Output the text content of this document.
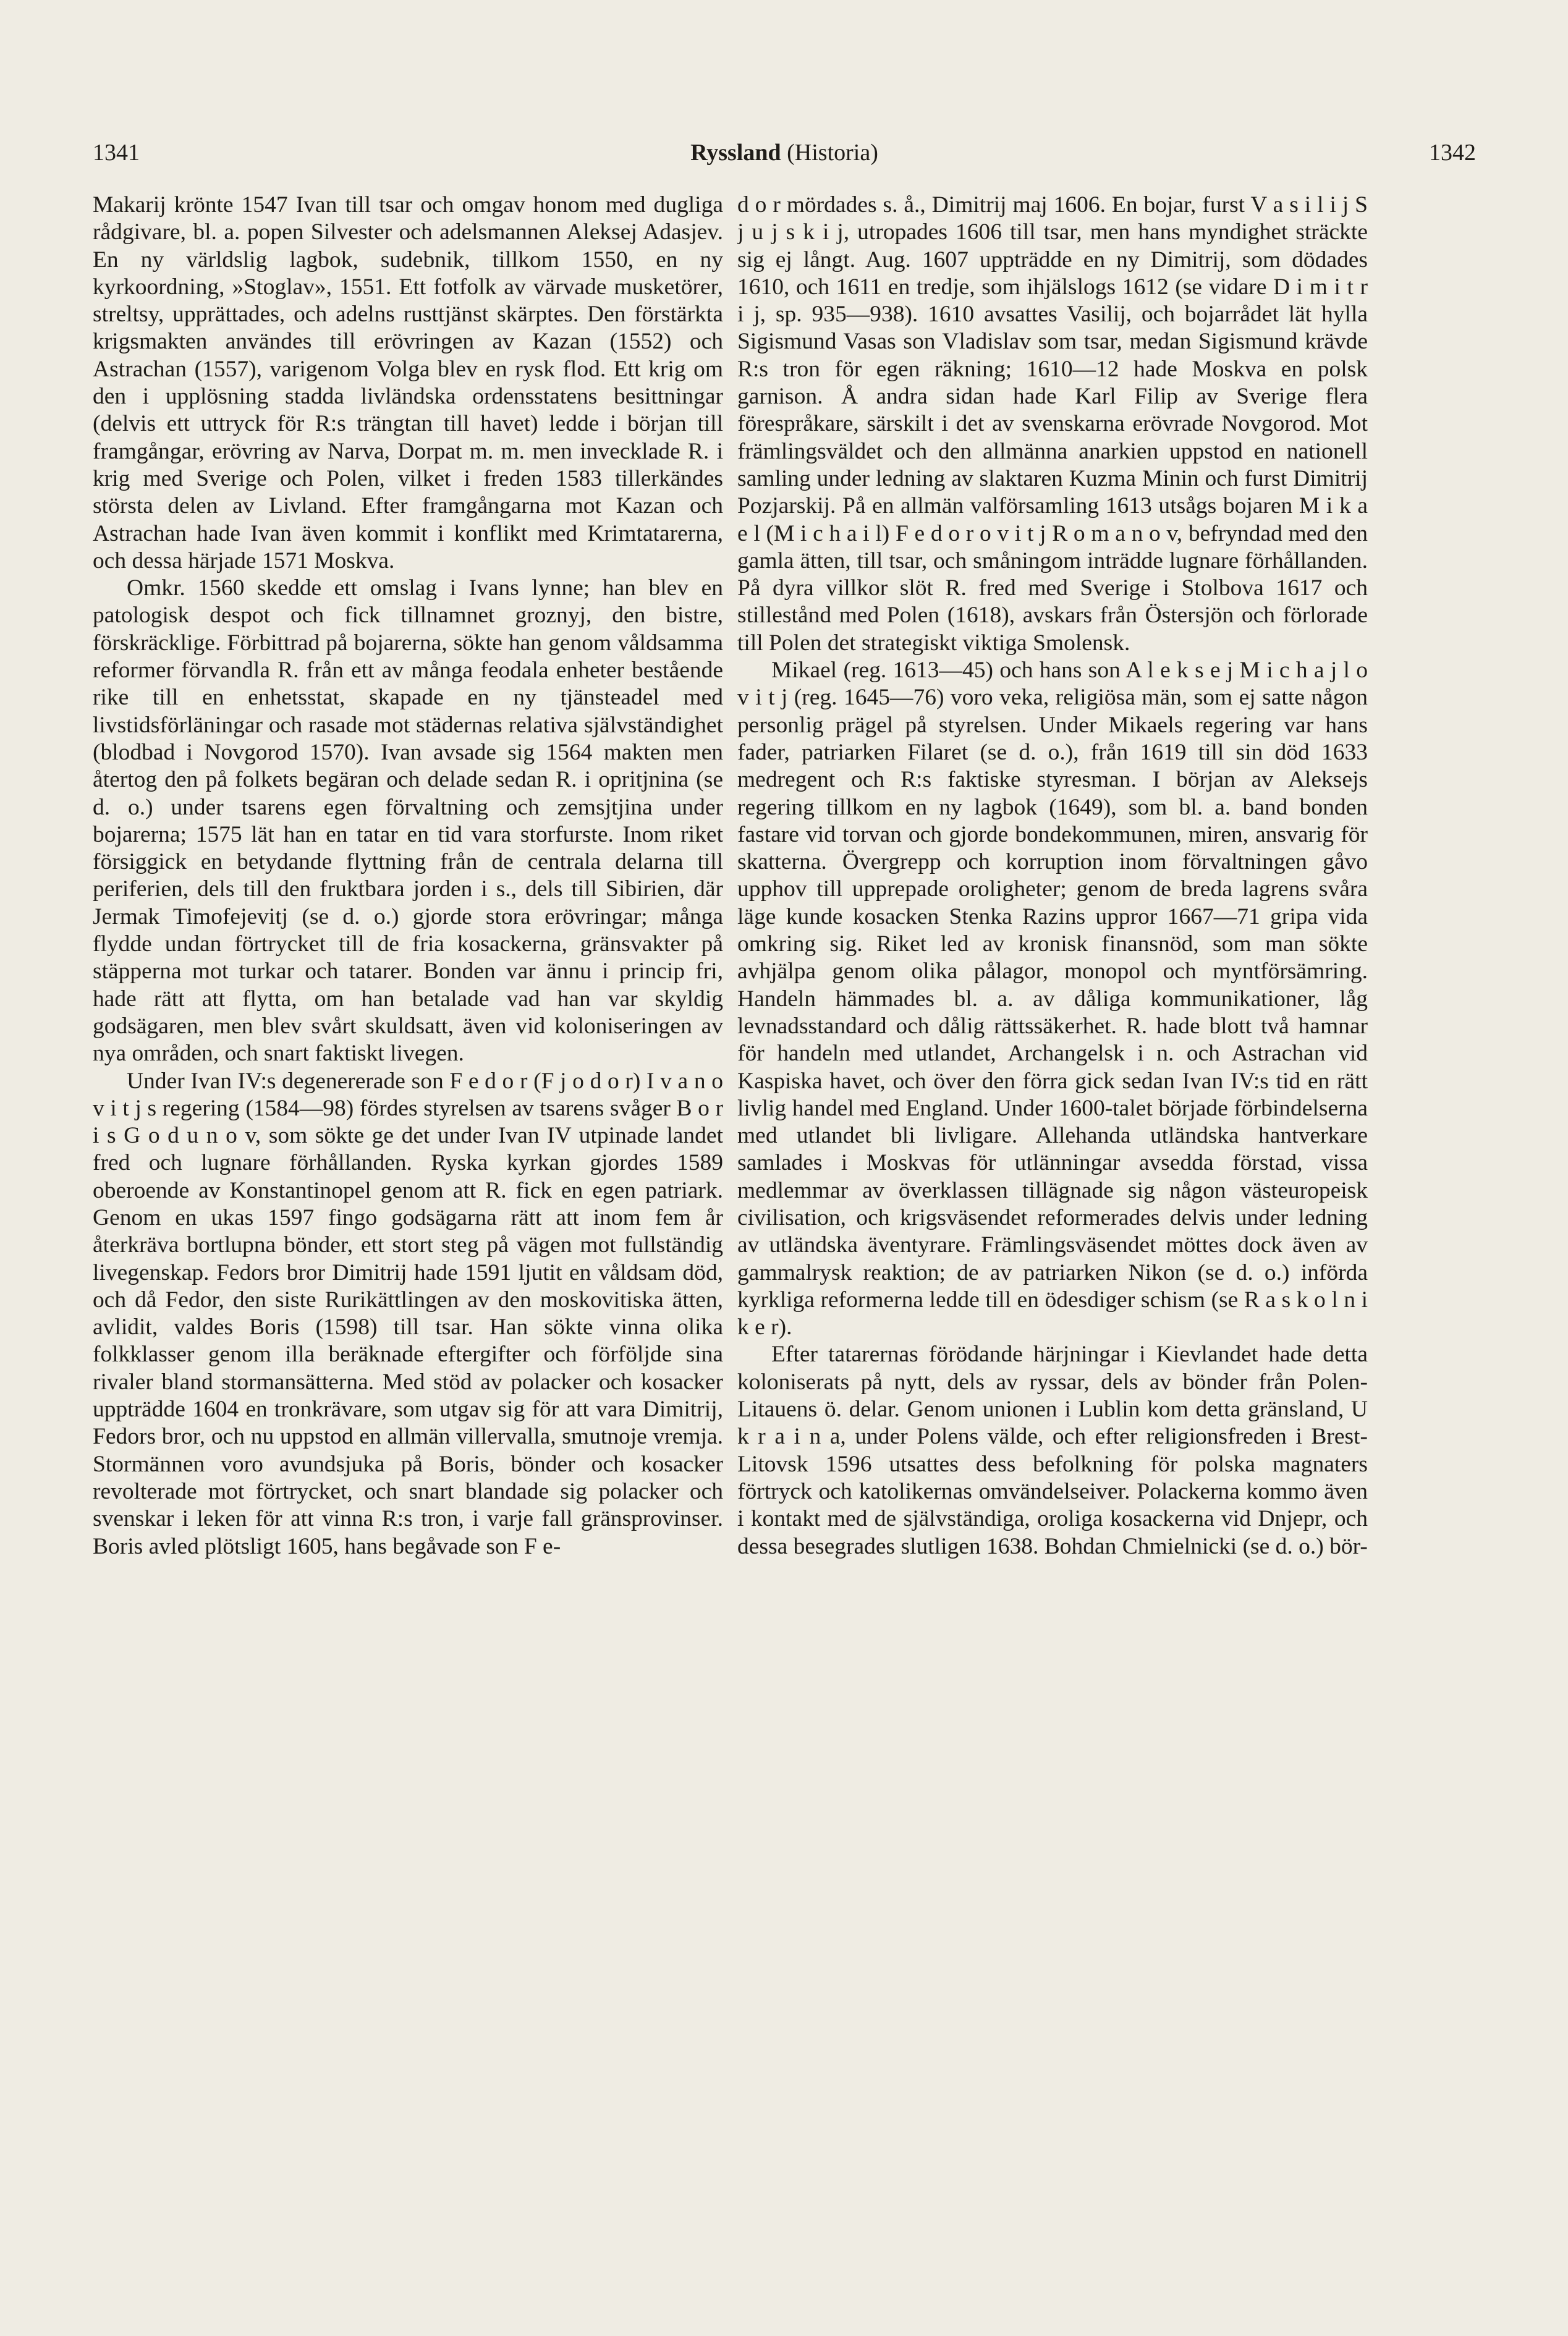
1341	Ryssland (Historia)	1342

Makarij krönte 1547 Ivan till tsar och omgav honom med dugliga rådgivare, bl. a. popen Silvester och adelsmannen Aleksej Adasjev. En ny världslig lagbok, sudebnik, tillkom 1550, en ny kyrkoordning, »Stoglav», 1551. Ett fotfolk av värvade musketörer, streltsy, upprättades, och adelns rusttjänst skärptes. Den förstärkta krigsmakten användes till erövringen av Kazan (1552) och Astrachan (1557), varigenom Volga blev en rysk flod. Ett krig om den i upplösning stadda livländska ordensstatens besittningar (delvis ett uttryck för R:s trängtan till havet) ledde i början till framgångar, erövring av Narva, Dorpat m. m. men invecklade R. i krig med Sverige och Polen, vilket i freden 1583 tillerkändes största delen av Livland. Efter framgångarna mot Kazan och Astrachan hade Ivan även kommit i konflikt med Krimtatarerna, och dessa härjade 1571 Moskva.

Omkr. 1560 skedde ett omslag i Ivans lynne; han blev en patologisk despot och fick tillnamnet groznyj, den bistre, förskräcklige. Förbittrad på bojarerna, sökte han genom våldsamma reformer förvandla R. från ett av många feodala enheter bestående rike till en enhetsstat, skapade en ny tjänsteadel med livstidsförläningar och rasade mot städernas relativa självständighet (blodbad i Novgorod 1570). Ivan avsade sig 1564 makten men återtog den på folkets begäran och delade sedan R. i opritjnina (se d. o.) under tsarens egen förvaltning och zemsjtjina under bojarerna; 1575 lät han en tatar en tid vara storfurste. Inom riket försiggick en betydande flyttning från de centrala delarna till periferien, dels till den fruktbara jorden i s., dels till Sibirien, där Jermak Timofejevitj (se d. o.) gjorde stora erövringar; många flydde undan förtrycket till de fria kosackerna, gränsvakter på stäpperna mot turkar och tatarer. Bonden var ännu i princip fri, hade rätt att flytta, om han betalade vad han var skyldig godsägaren, men blev svårt skuldsatt, även vid koloniseringen av nya områden, och snart faktiskt livegen.

Under Ivan IV:s degenererade son F e d o r (F j o d o r) I v a n o v i t j s regering (1584—98) fördes styrelsen av tsarens svåger B o r i s G o d u n o v, som sökte ge det under Ivan IV utpinade landet fred och lugnare förhållanden. Ryska kyrkan gjordes 1589 oberoende av Konstantinopel genom att R. fick en egen patriark. Genom en ukas 1597 fingo godsägarna rätt att inom fem år återkräva bortlupna bönder, ett stort steg på vägen mot fullständig livegenskap. Fedors bror Dimitrij hade 1591 ljutit en våldsam död, och då Fedor, den siste Rurikättlingen av den moskovitiska ätten, avlidit, valdes Boris (1598) till tsar. Han sökte vinna olika folkklasser genom illa beräknade eftergifter och förföljde sina rivaler bland stormansätterna. Med stöd av polacker och kosacker uppträdde 1604 en tronkrävare, som utgav sig för att vara Dimitrij, Fedors bror, och nu uppstod en allmän villervalla, smutnoje vremja. Stormännen voro avundsjuka på Boris, bönder och kosacker revolterade mot förtrycket, och snart blandade sig polacker och svenskar i leken för att vinna R:s tron, i varje fall gränsprovinser. Boris avled plötsligt 1605, hans begåvade son F e-

d o r mördades s. å., Dimitrij maj 1606. En bojar, furst V a s i l i j S j u j s k i j, utropades 1606 till tsar, men hans myndighet sträckte sig ej långt. Aug. 1607 uppträdde en ny Dimitrij, som dödades 1610, och 1611 en tredje, som ihjälslogs 1612 (se vidare D i m i t r i j, sp. 935—938). 1610 avsattes Vasilij, och bojarrådet lät hylla Sigismund Vasas son Vladislav som tsar, medan Sigismund krävde R:s tron för egen räkning; 1610—12 hade Moskva en polsk garnison. Å andra sidan hade Karl Filip av Sverige flera förespråkare, särskilt i det av svenskarna erövrade Novgorod. Mot främlingsväldet och den allmänna anarkien uppstod en nationell samling under ledning av slaktaren Kuzma Minin och furst Dimitrij Pozjarskij. På en allmän valförsamling 1613 utsågs bojaren M i k a e l (M i c h a i l) F e d o r o v i t j R o m a n o v, befryndad med den gamla ätten, till tsar, och småningom inträdde lugnare förhållanden. På dyra villkor slöt R. fred med Sverige i Stolbova 1617 och stillestånd med Polen (1618), avskars från Östersjön och förlorade till Polen det strategiskt viktiga Smolensk.

Mikael (reg. 1613—45) och hans son A l e k s e j M i c h a j l o v i t j (reg. 1645—76) voro veka, religiösa män, som ej satte någon personlig prägel på styrelsen. Under Mikaels regering var hans fader, patriarken Filaret (se d. o.), från 1619 till sin död 1633 medregent och R:s faktiske styresman. I början av Aleksejs regering tillkom en ny lagbok (1649), som bl. a. band bonden fastare vid torvan och gjorde bondekommunen, miren, ansvarig för skatterna. Övergrepp och korruption inom förvaltningen gåvo upphov till upprepade oroligheter; genom de breda lagrens svåra läge kunde kosacken Stenka Razins uppror 1667—71 gripa vida omkring sig. Riket led av kronisk finansnöd, som man sökte avhjälpa genom olika pålagor, monopol och myntförsämring. Handeln hämmades bl. a. av dåliga kommunikationer, låg levnadsstandard och dålig rättssäkerhet. R. hade blott två hamnar för handeln med utlandet, Archangelsk i n. och Astrachan vid Kaspiska havet, och över den förra gick sedan Ivan IV:s tid en rätt livlig handel med England. Under 1600-talet började förbindelserna med utlandet bli livligare. Allehanda utländska hantverkare samlades i Moskvas för utlänningar avsedda förstad, vissa medlemmar av överklassen tillägnade sig någon västeuropeisk civilisation, och krigsväsendet reformerades delvis under ledning av utländska äventyrare. Främlingsväsendet möttes dock även av gammalrysk reaktion; de av patriarken Nikon (se d. o.) införda kyrkliga reformerna ledde till en ödesdiger schism (se R a s k o l n i k e r).

Efter tatarernas förödande härjningar i Kievlandet hade detta koloniserats på nytt, dels av ryssar, dels av bönder från Polen-Litauens ö. delar. Genom unionen i Lublin kom detta gränsland, U k r a i n a, under Polens välde, och efter religionsfreden i Brest-Litovsk 1596 utsattes dess befolkning för polska magnaters förtryck och katolikernas omvändelseiver. Polackerna kommo även i kontakt med de självständiga, oroliga kosackerna vid Dnjepr, och dessa besegrades slutligen 1638. Bohdan Chmielnicki (se d. o.) bör-
